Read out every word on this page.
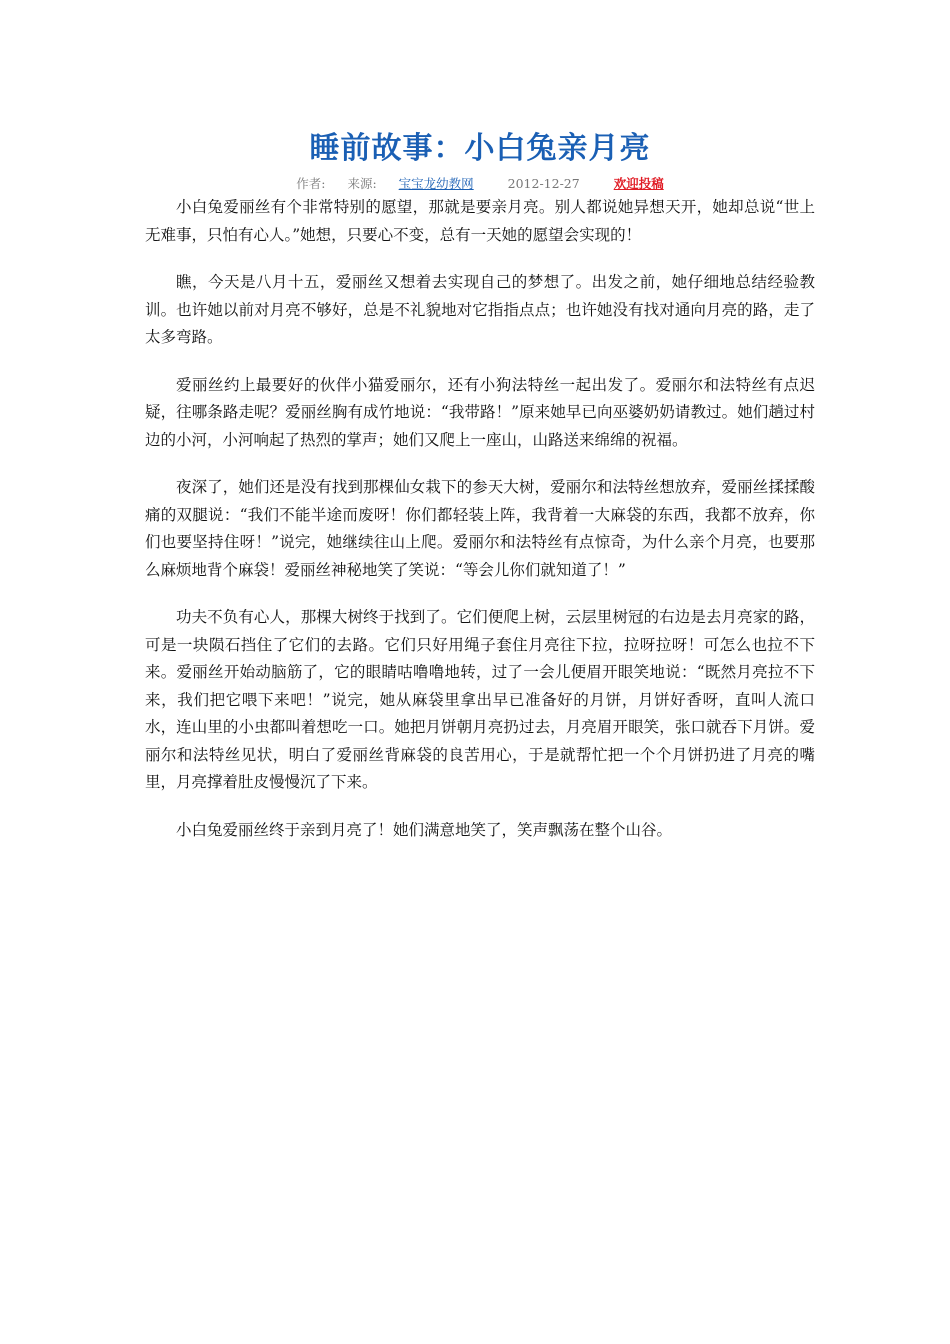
睡前故事：小白兔亲月亮
作者: 来源: 宝宝龙幼教网	2012-12-27	欢迎投稿

小白兔爱丽丝有个非常特别的愿望，那就是要亲月亮。别人都说她异想天开，她却总说“世上无难事，只怕有心人。”她想，只要心不变，总有一天她的愿望会实现的！

瞧，今天是八月十五，爱丽丝又想着去实现自己的梦想了。出发之前，她仔细地总结经验教训。也许她以前对月亮不够好，总是不礼貌地对它指指点点；也许她没有找对通向月亮的路，走了太多弯路。

爱丽丝约上最要好的伙伴小猫爱丽尔，还有小狗法特丝一起出发了。爱丽尔和法特丝有点迟疑，往哪条路走呢？爱丽丝胸有成竹地说：“我带路！”原来她早已向巫婆奶奶请教过。她们趟过村边的小河，小河响起了热烈的掌声；她们又爬上一座山，山路送来绵绵的祝福。

夜深了，她们还是没有找到那棵仙女栽下的参天大树，爱丽尔和法特丝想放弃，爱丽丝揉揉酸痛的双腿说：“我们不能半途而废呀！你们都轻装上阵，我背着一大麻袋的东西，我都不放弃，你们也要坚持住呀！”说完，她继续往山上爬。爱丽尔和法特丝有点惊奇，为什么亲个月亮，也要那么麻烦地背个麻袋！爱丽丝神秘地笑了笑说：“等会儿你们就知道了！”

功夫不负有心人，那棵大树终于找到了。它们便爬上树，云层里树冠的右边是去月亮家的路，可是一块陨石挡住了它们的去路。它们只好用绳子套住月亮往下拉，拉呀拉呀！可怎么也拉不下来。爱丽丝开始动脑筋了，它的眼睛咕噜噜地转，过了一会儿便眉开眼笑地说：“既然月亮拉不下来，我们把它喂下来吧！”说完，她从麻袋里拿出早已准备好的月饼，月饼好香呀，直叫人流口水，连山里的小虫都叫着想吃一口。她把月饼朝月亮扔过去，月亮眉开眼笑，张口就吞下月饼。爱丽尔和法特丝见状，明白了爱丽丝背麻袋的良苦用心，于是就帮忙把一个个月饼扔进了月亮的嘴里，月亮撑着肚皮慢慢沉了下来。

小白兔爱丽丝终于亲到月亮了！她们满意地笑了，笑声飘荡在整个山谷。
